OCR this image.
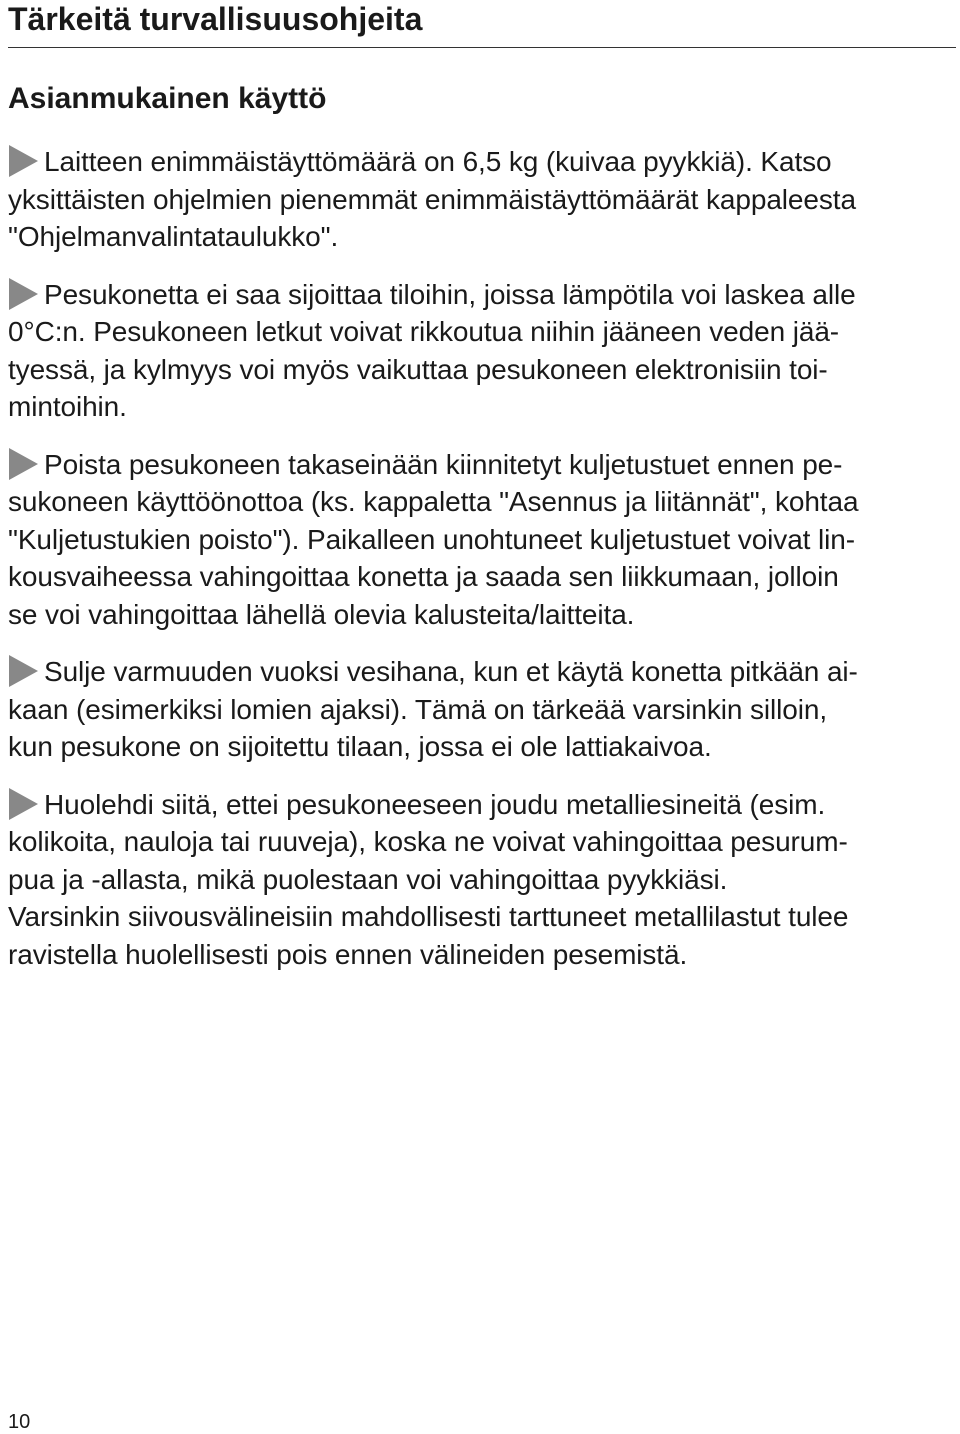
Tärkeitä turvallisuusohjeita
Asianmukainen käyttö
Laitteen enimmäistäyttömäärä on 6,5 kg (kuivaa pyykkiä). Katso
yksittäisten ohjelmien pienemmät enimmäistäyttömäärät kappaleesta
"Ohjelmanvalintataulukko".
Pesukonetta ei saa sijoittaa tiloihin, joissa lämpötila voi laskea alle
0°C:n. Pesukoneen letkut voivat rikkoutua niihin jääneen veden jää-
tyessä, ja kylmyys voi myös vaikuttaa pesukoneen elektronisiin toi-
mintoihin.
Poista pesukoneen takaseinään kiinnitetyt kuljetustuet ennen pe-
sukoneen käyttöönottoa (ks. kappaletta "Asennus ja liitännät", kohtaa
"Kuljetustukien poisto"). Paikalleen unohtuneet kuljetustuet voivat lin-
kousvaiheessa vahingoittaa konetta ja saada sen liikkumaan, jolloin
se voi vahingoittaa lähellä olevia kalusteita/laitteita.
Sulje varmuuden vuoksi vesihana, kun et käytä konetta pitkään ai-
kaan (esimerkiksi lomien ajaksi). Tämä on tärkeää varsinkin silloin,
kun pesukone on sijoitettu tilaan, jossa ei ole lattiakaivoa.
Huolehdi siitä, ettei pesukoneeseen joudu metalliesineitä (esim.
kolikoita, nauloja tai ruuveja), koska ne voivat vahingoittaa pesurum-
pua ja -allasta, mikä puolestaan voi vahingoittaa pyykkiäsi.
Varsinkin siivousvälineisiin mahdollisesti tarttuneet metallilastut tulee
ravistella huolellisesti pois ennen välineiden pesemistä.
10
